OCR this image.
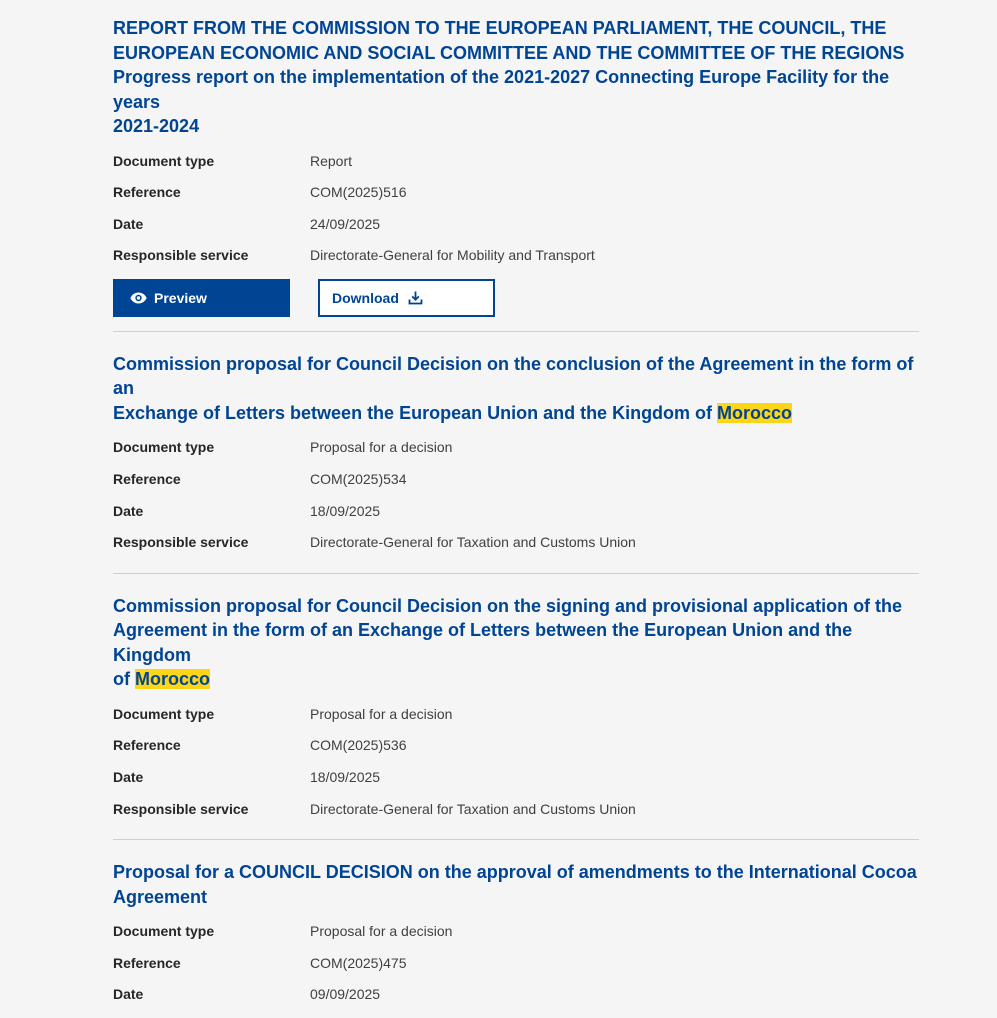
REPORT FROM THE COMMISSION TO THE EUROPEAN PARLIAMENT, THE COUNCIL, THE
EUROPEAN ECONOMIC AND SOCIAL COMMITTEE AND THE COMMITTEE OF THE REGIONS
Progress report on the implementation of the 2021-2027 Connecting Europe Facility for the years
2021-2024
Document type	Report
Reference	COM(2025)516
Date	24/09/2025
Responsible service	Directorate-General for Mobility and Transport
Preview	Download
Commission proposal for Council Decision on the conclusion of the Agreement in the form of an
Exchange of Letters between the European Union and the Kingdom of Morocco
Document type	Proposal for a decision
Reference	COM(2025)534
Date	18/09/2025
Responsible service	Directorate-General for Taxation and Customs Union
Commission proposal for Council Decision on the signing and provisional application of the
Agreement in the form of an Exchange of Letters between the European Union and the Kingdom
of Morocco
Document type	Proposal for a decision
Reference	COM(2025)536
Date	18/09/2025
Responsible service	Directorate-General for Taxation and Customs Union
Proposal for a COUNCIL DECISION on the approval of amendments to the International Cocoa
Agreement
Document type	Proposal for a decision
Reference	COM(2025)475
Date	09/09/2025
